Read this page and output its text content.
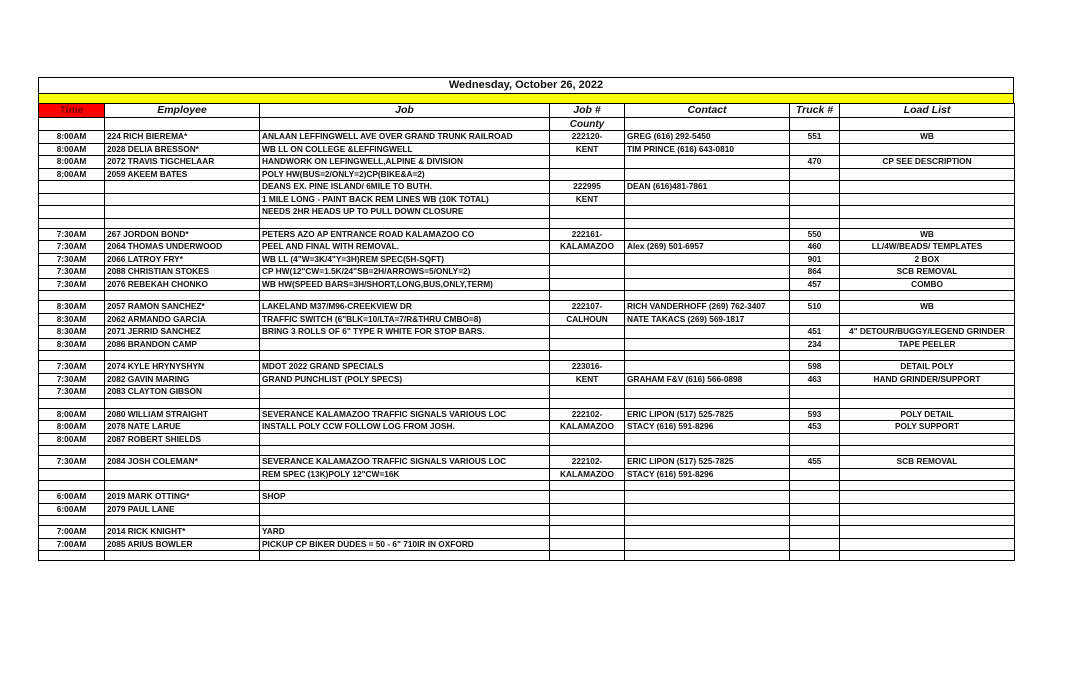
Wednesday, October 26, 2022
Time	Employee	Job	Job #	Contact	Truck #	Load List
			County			
8:00AM	224 RICH BIEREMA*	ANLAAN LEFFINGWELL AVE OVER GRAND TRUNK RAILROAD	222120-	GREG (616) 292-5450	551	WB
8:00AM	2028 DELIA BRESSON*	WB LL ON COLLEGE &LEFFINGWELL	KENT	TIM PRINCE (616) 643-0810		
8:00AM	2072 TRAVIS TIGCHELAAR	HANDWORK ON LEFINGWELL,ALPINE & DIVISION			470	CP SEE DESCRIPTION
8:00AM	2059 AKEEM BATES	POLY HW(BUS=2/ONLY=2)CP(BIKE&A=2)				
		DEANS EX. PINE ISLAND/ 6MILE TO BUTH.	222995	DEAN (616)481-7861		
		1 MILE LONG - PAINT BACK REM LINES WB (10K TOTAL)	KENT			
		NEEDS 2HR HEADS UP TO PULL DOWN CLOSURE				

7:30AM	267 JORDON BOND*	PETERS AZO AP ENTRANCE ROAD KALAMAZOO CO	222161-		550	WB
7:30AM	2064 THOMAS UNDERWOOD	PEEL AND FINAL WITH REMOVAL.	KALAMAZOO	Alex (269) 501-6957	460	LL/4W/BEADS/ TEMPLATES
7:30AM	2066 LATROY FRY*	WB LL (4"W=3K/4"Y=3H)REM SPEC(5H-SQFT)			901	2 BOX
7:30AM	2088 CHRISTIAN STOKES	CP HW(12"CW=1.5K/24"SB=2H/ARROWS=5/ONLY=2)			864	SCB REMOVAL
7:30AM	2076 REBEKAH CHONKO	WB HW(SPEED BARS=3H/SHORT,LONG,BUS,ONLY,TERM)			457	COMBO

8:30AM	2057 RAMON SANCHEZ*	LAKELAND M37/M96-CREEKVIEW DR	222107-	RICH VANDERHOFF (269) 762-3407	510	WB
8:30AM	2062 ARMANDO GARCIA	TRAFFIC SWITCH (6"BLK=10/LTA=7/R&THRU CMBO=8)	CALHOUN	NATE TAKACS (269) 569-1817		
8:30AM	2071 JERRID SANCHEZ	BRING 3 ROLLS OF 6" TYPE R WHITE FOR STOP BARS.			451	4" DETOUR/BUGGY/LEGEND GRINDER
8:30AM	2086 BRANDON CAMP				234	TAPE PEELER

7:30AM	2074 KYLE HRYNYSHYN	MDOT 2022 GRAND SPECIALS	223016-		598	DETAIL POLY
7:30AM	2082 GAVIN MARING	GRAND PUNCHLIST (POLY SPECS)	KENT	GRAHAM F&V (616) 566-0898	463	HAND GRINDER/SUPPORT
7:30AM	2083 CLAYTON GIBSON					

8:00AM	2080 WILLIAM STRAIGHT	SEVERANCE KALAMAZOO TRAFFIC SIGNALS VARIOUS LOC	222102-	ERIC LIPON (517) 525-7825	593	POLY DETAIL
8:00AM	2078 NATE LARUE	INSTALL POLY CCW FOLLOW LOG FROM JOSH.	KALAMAZOO	STACY (616) 591-8296	453	POLY SUPPORT
8:00AM	2087 ROBERT SHIELDS					

7:30AM	2084 JOSH COLEMAN*	SEVERANCE KALAMAZOO TRAFFIC SIGNALS VARIOUS LOC	222102-	ERIC LIPON (517) 525-7825	455	SCB REMOVAL
		REM SPEC (13K)POLY 12"CW=16K	KALAMAZOO	STACY (616) 591-8296		

6:00AM	2019 MARK OTTING*	SHOP				
6:00AM	2079 PAUL LANE					

7:00AM	2014 RICK KNIGHT*	YARD				
7:00AM	2085 ARIUS BOWLER	PICKUP CP BIKER DUDES = 50 - 6" 710IR IN OXFORD				
